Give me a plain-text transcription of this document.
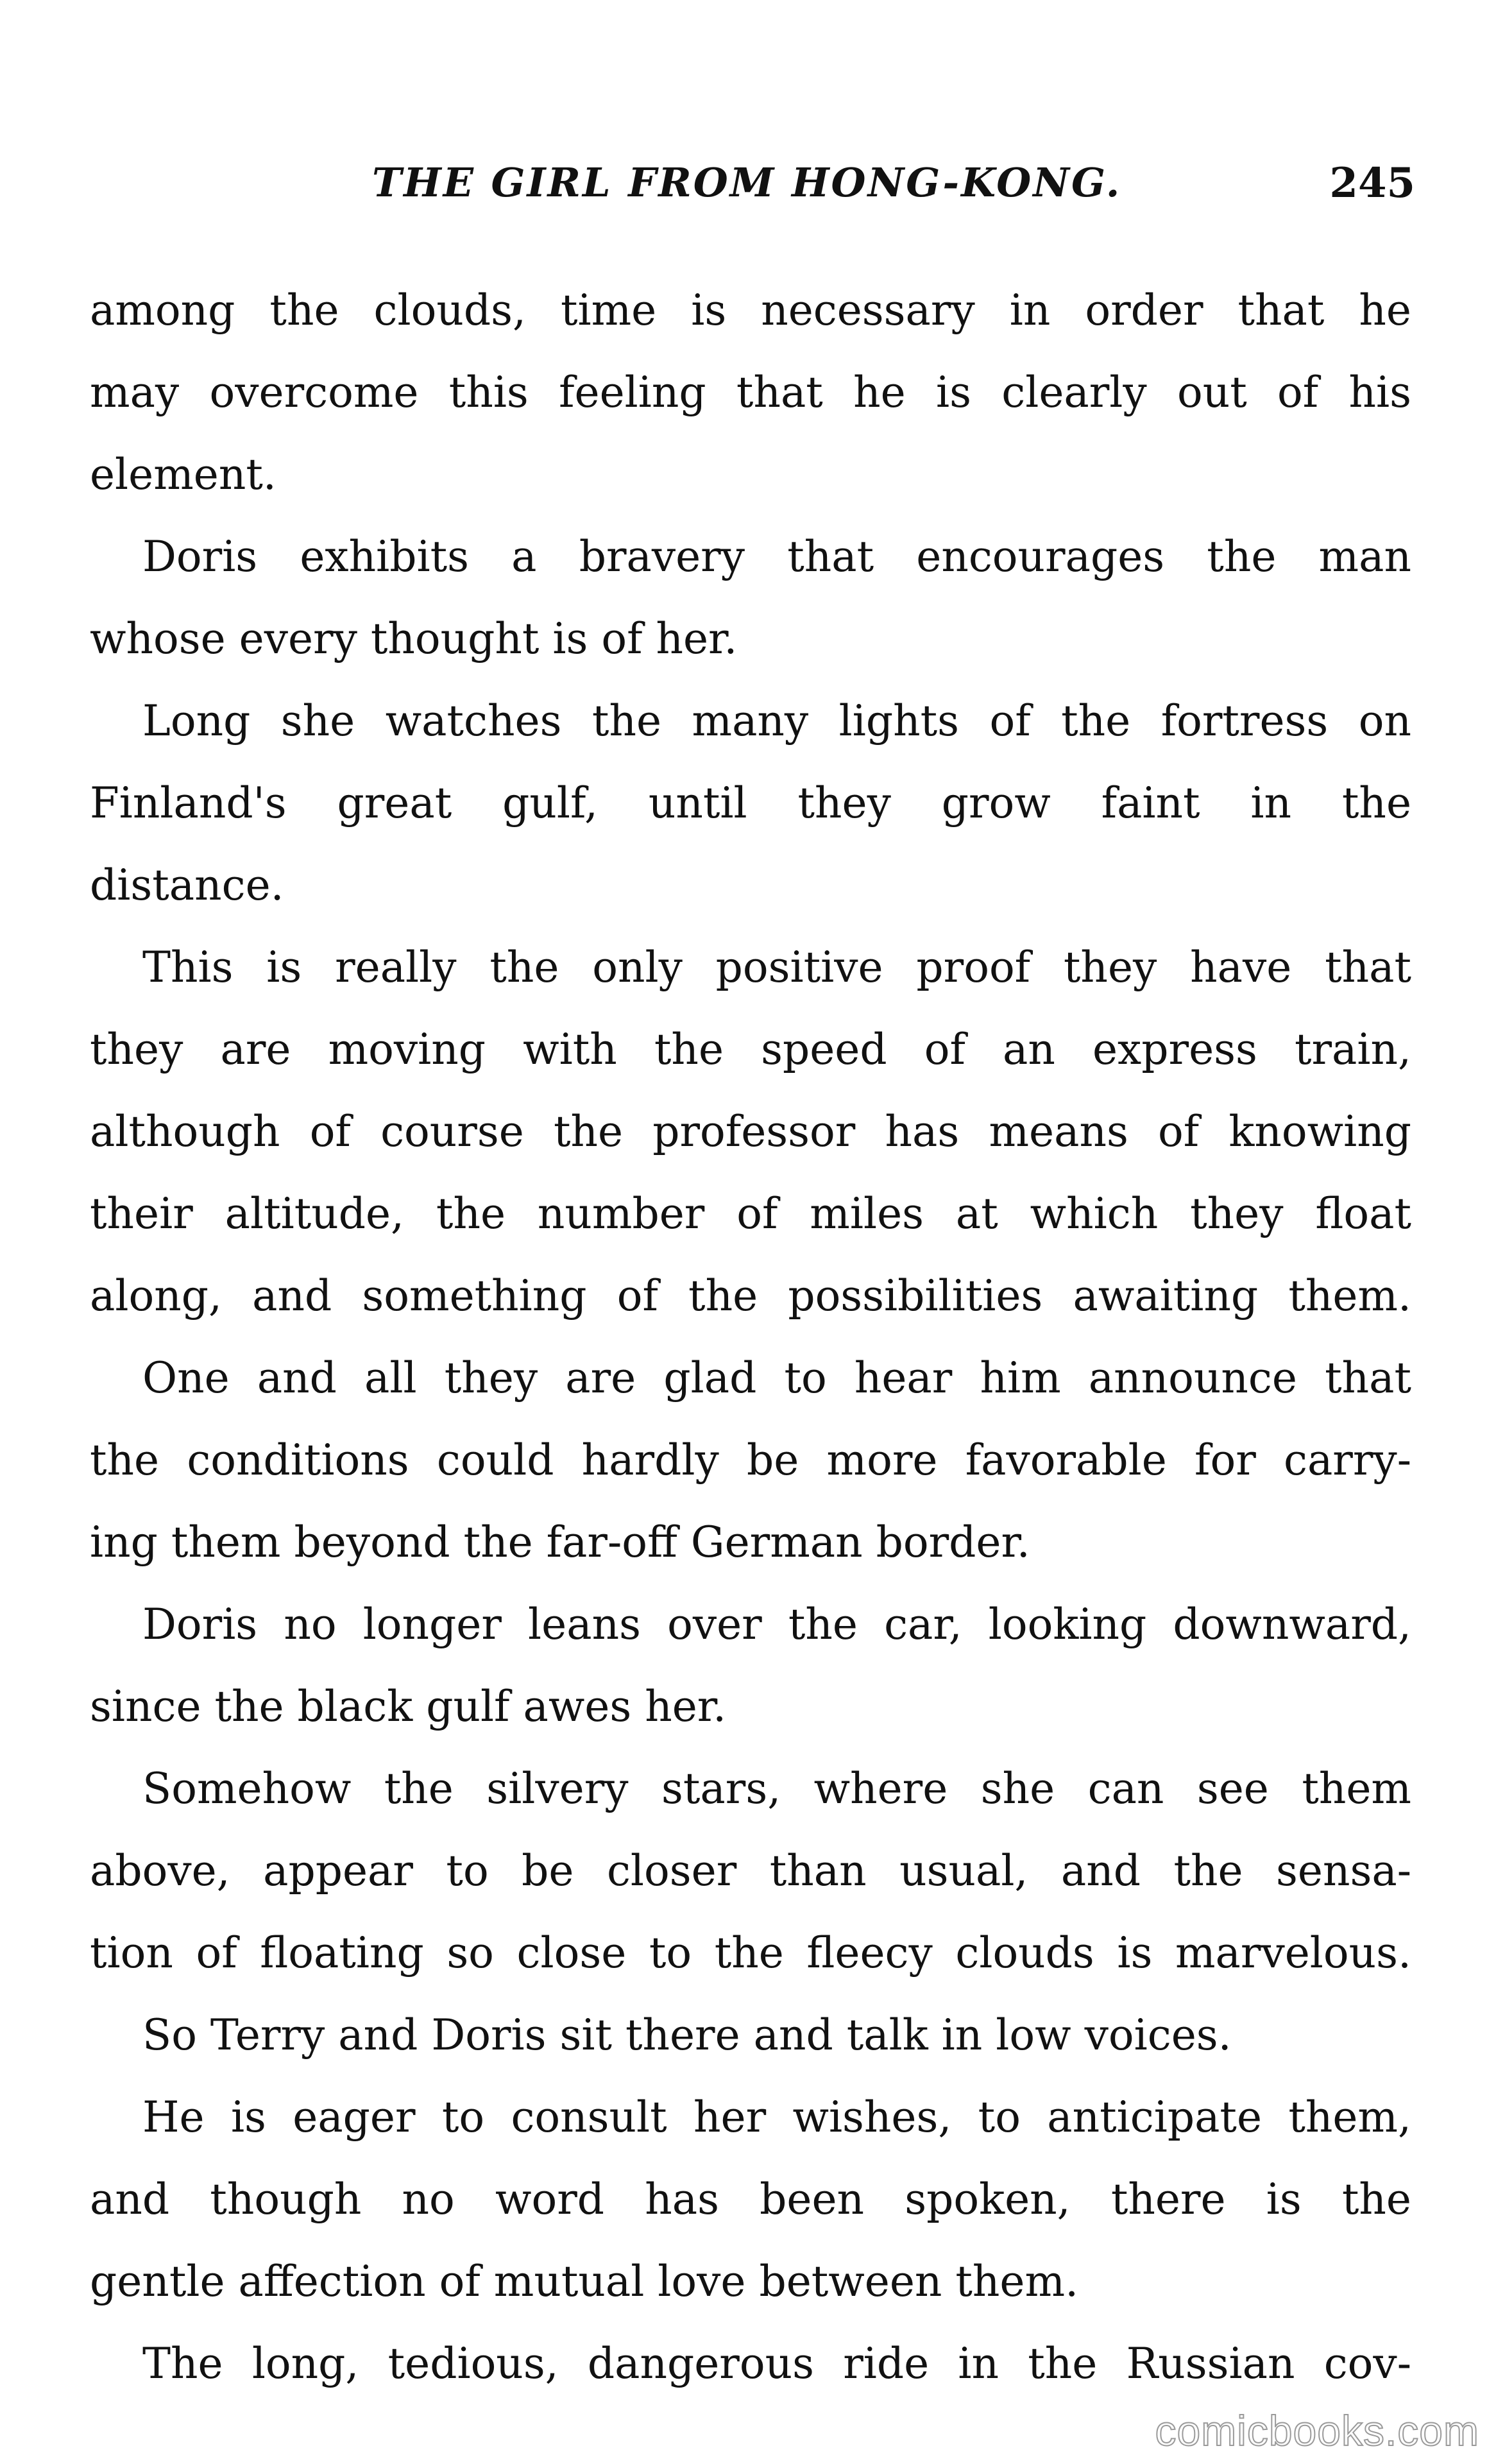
THE GIRL FROM HONG-KONG.	245
among the clouds, time is necessary in order that he
may overcome this feeling that he is clearly out of his
element.
Doris exhibits a bravery that encourages the man
whose every thought is of her.
Long she watches the many lights of the fortress on
Finland's great gulf, until they grow faint in the
distance.
This is really the only positive proof they have that
they are moving with the speed of an express train,
although of course the professor has means of knowing
their altitude, the number of miles at which they float
along, and something of the possibilities awaiting them.
One and all they are glad to hear him announce that
the conditions could hardly be more favorable for carry-
ing them beyond the far-off German border.
Doris no longer leans over the car, looking downward,
since the black gulf awes her.
Somehow the silvery stars, where she can see them
above, appear to be closer than usual, and the sensa-
tion of floating so close to the fleecy clouds is marvelous.
So Terry and Doris sit there and talk in low voices.
He is eager to consult her wishes, to anticipate them,
and though no word has been spoken, there is the
gentle affection of mutual love between them.
The long, tedious, dangerous ride in the Russian cov-
comicbooks.com
